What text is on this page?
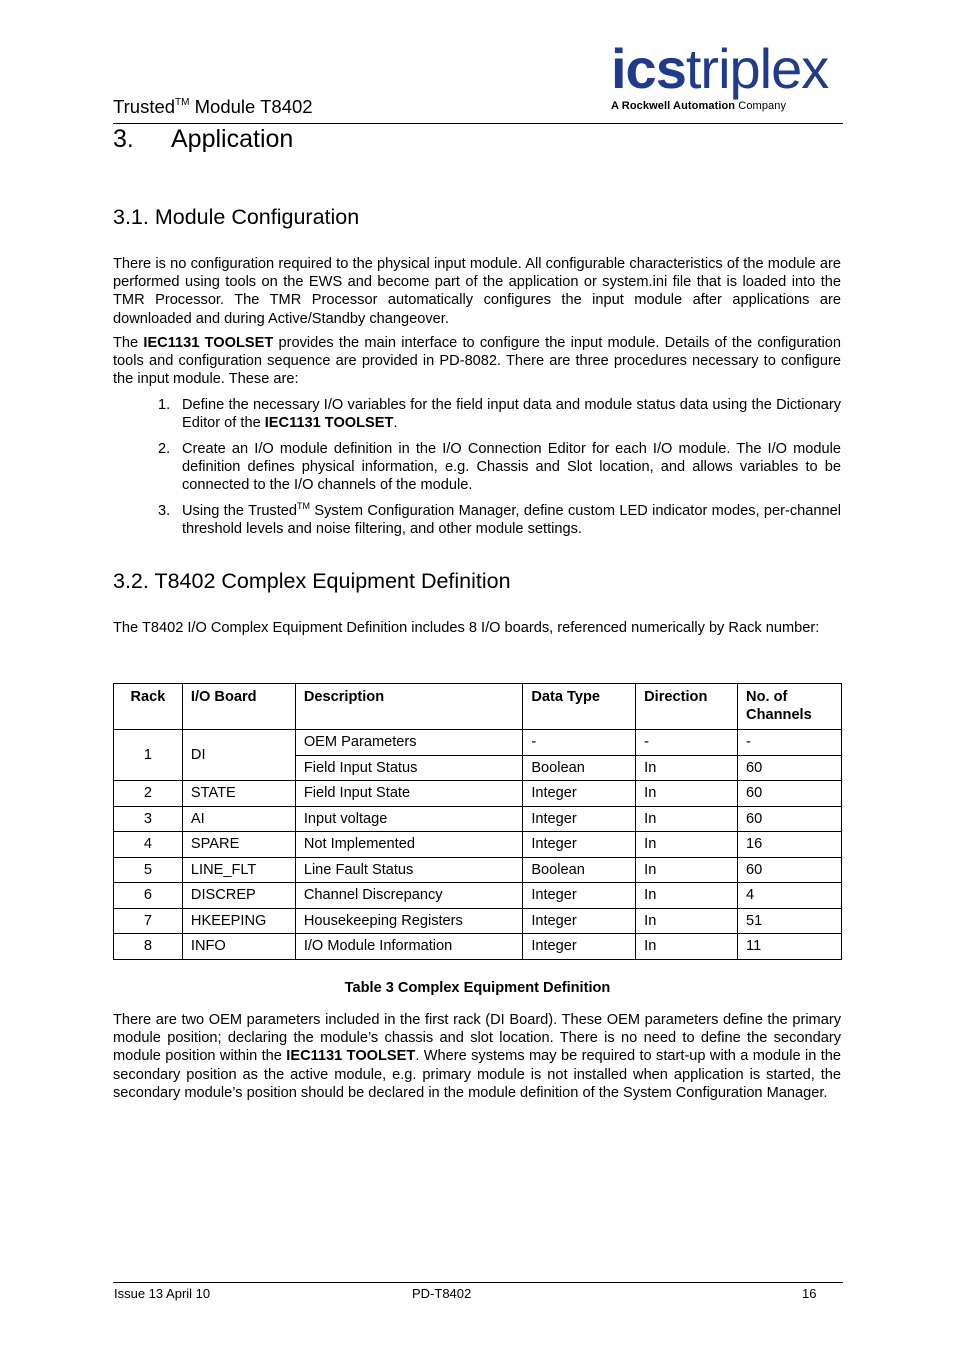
Trusted™ Module T8402
icstriplex
A Rockwell Automation Company
3. Application
3.1. Module Configuration

There is no configuration required to the physical input module. All configurable characteristics of the module are performed using tools on the EWS and become part of the application or system.ini file that is loaded into the TMR Processor. The TMR Processor automatically configures the input module after applications are downloaded and during Active/Standby changeover.

The IEC1131 TOOLSET provides the main interface to configure the input module. Details of the configuration tools and configuration sequence are provided in PD-8082. There are three procedures necessary to configure the input module. These are:

1. Define the necessary I/O variables for the field input data and module status data using the Dictionary Editor of the IEC1131 TOOLSET.
2. Create an I/O module definition in the I/O Connection Editor for each I/O module. The I/O module definition defines physical information, e.g. Chassis and Slot location, and allows variables to be connected to the I/O channels of the module.
3. Using the Trusted™ System Configuration Manager, define custom LED indicator modes, per-channel threshold levels and noise filtering, and other module settings.
3.2. T8402 Complex Equipment Definition

The T8402 I/O Complex Equipment Definition includes 8 I/O boards, referenced numerically by Rack number:

Rack	I/O Board	Description	Data Type	Direction	No. of Channels
1	DI	OEM Parameters	-	-	-
		Field Input Status	Boolean	In	60
2	STATE	Field Input State	Integer	In	60
3	AI	Input voltage	Integer	In	60
4	SPARE	Not Implemented	Integer	In	16
5	LINE_FLT	Line Fault Status	Boolean	In	60
6	DISCREP	Channel Discrepancy	Integer	In	4
7	HKEEPING	Housekeeping Registers	Integer	In	51
8	INFO	I/O Module Information	Integer	In	11
Table 3 Complex Equipment Definition

There are two OEM parameters included in the first rack (DI Board). These OEM parameters define the primary module position; declaring the module’s chassis and slot location. There is no need to define the secondary module position within the IEC1131 TOOLSET. Where systems may be required to start-up with a module in the secondary position as the active module, e.g. primary module is not installed when application is started, the secondary module’s position should be declared in the module definition of the System Configuration Manager.

Issue 13 April 10	PD-T8402	16
